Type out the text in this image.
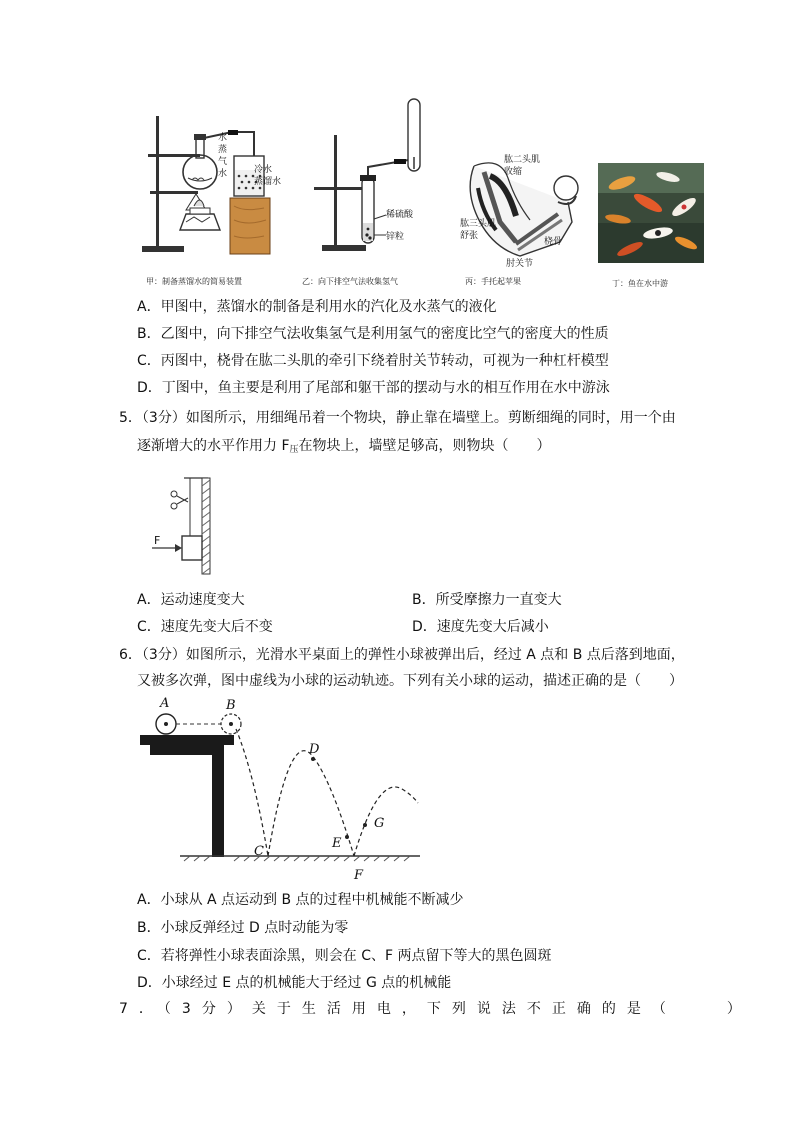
水
蒸
气
水	冷水
蒸馏水
甲：制备蒸馏水的简易装置
稀硫酸
锌粒
乙：向下排空气法收集氢气
肱二头肌
收缩
肱三头肌
舒张
桡骨
肘关节
丙：手托起苹果	丁：鱼在水中游
A．甲图中，蒸馏水的制备是利用水的汽化及水蒸气的液化
B．乙图中，向下排空气法收集氢气是利用氢气的密度比空气的密度大的性质
C．丙图中，桡骨在肱二头肌的牵引下绕着肘关节转动，可视为一种杠杆模型
D．丁图中，鱼主要是利用了尾部和躯干部的摆动与水的相互作用在水中游泳
5．（3分）如图所示，用细绳吊着一个物块，静止靠在墙壁上。剪断细绳的同时，用一个由
逐渐增大的水平作用力 $F_压$在物块上，墙壁足够高，则物块（　　）
F
A．运动速度变大	B．所受摩擦力一直变大
C．速度先变大后不变	D．速度先变大后减小
6．（3分）如图所示，光滑水平桌面上的弹性小球被弹出后，经过 A 点和 B 点后落到地面，
又被多次弹，图中虚线为小球的运动轨迹。下列有关小球的运动，描述正确的是（　　）
A	B
C
D
E
F
G
A．小球从 A 点运动到 B 点的过程中机械能不断减少
B．小球反弹经过 D 点时动能为零
C．若将弹性小球表面涂黑，则会在 C、F 两点留下等大的黑色圆斑
D．小球经过 E 点的机械能大于经过 G 点的机械能
7．（3分）关于生活用电，下列说法不正确的是（　　）
